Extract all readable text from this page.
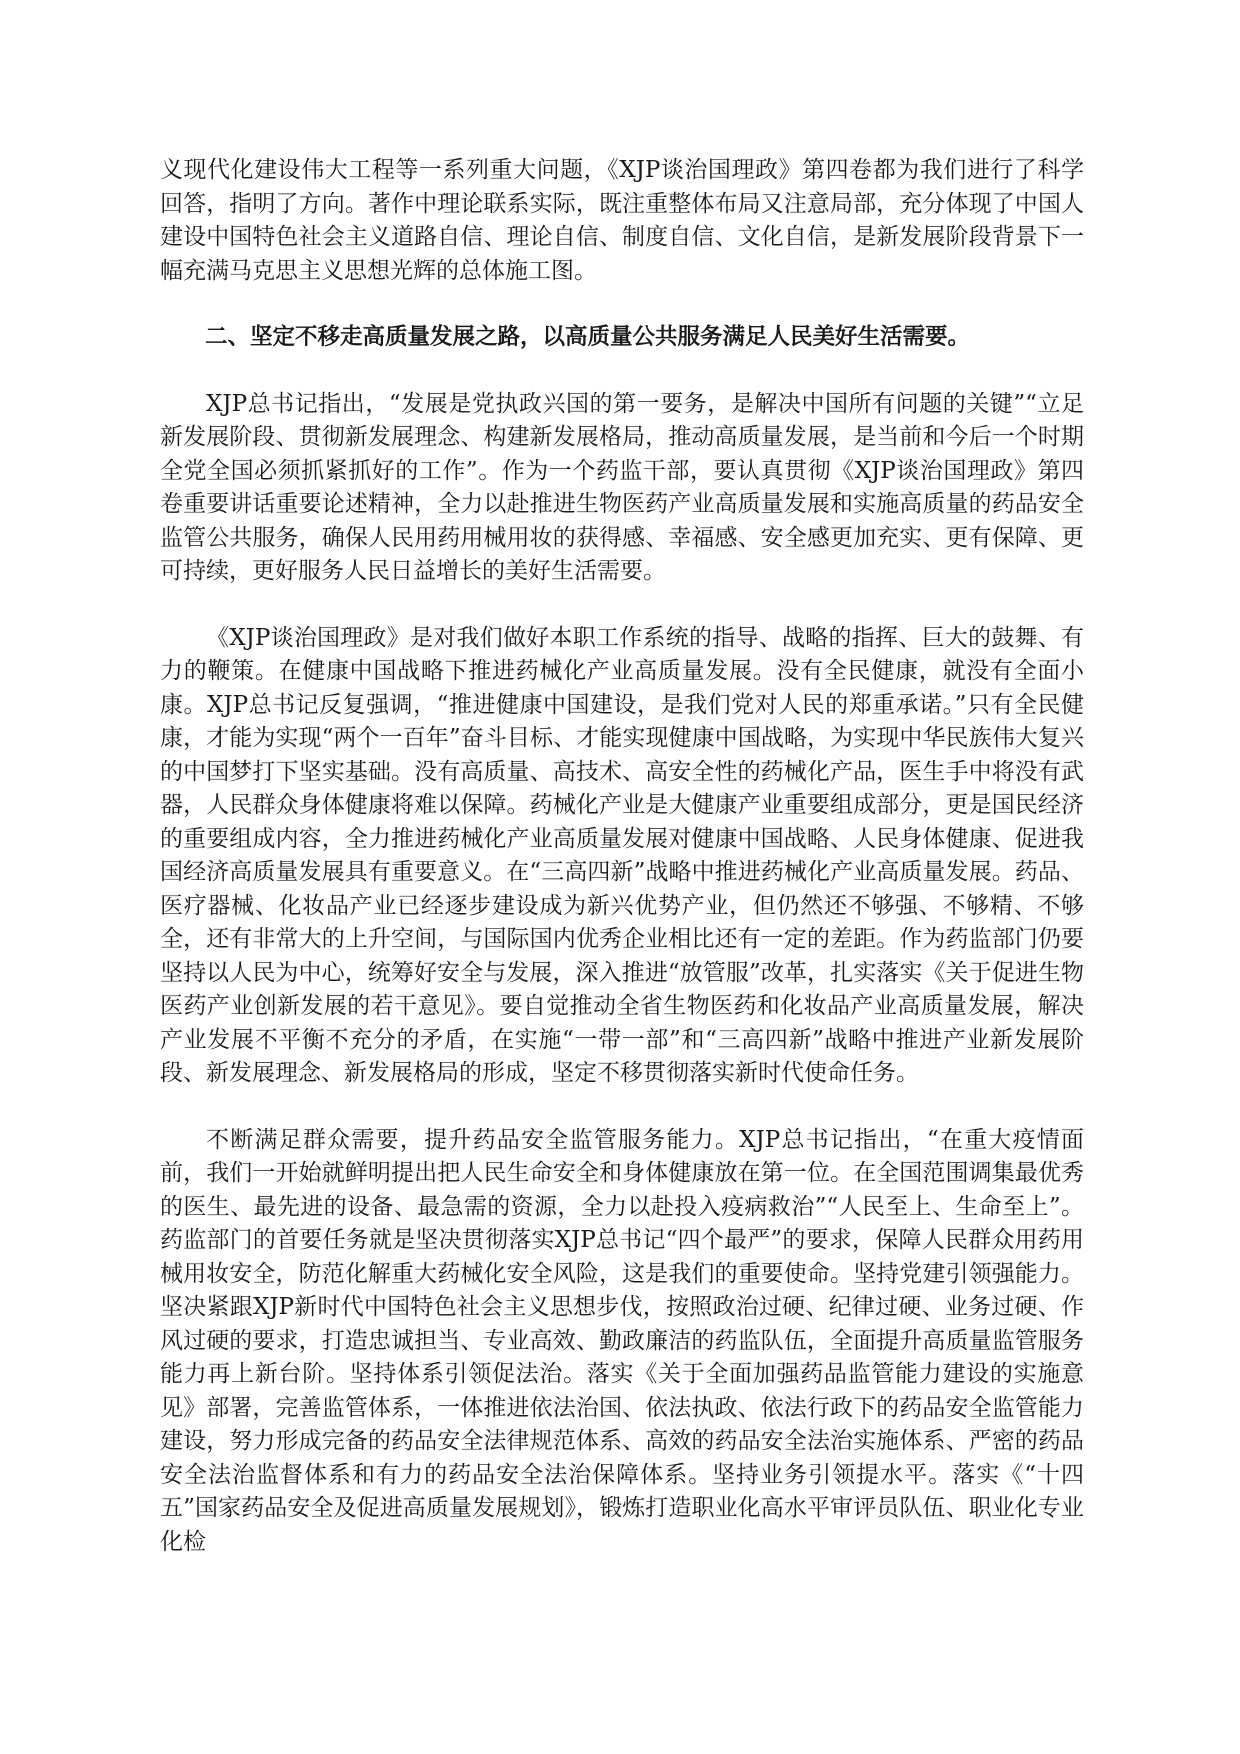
义现代化建设伟大工程等一系列重大问题，《XJP谈治国理政》第四卷都为我们进行了科学回答，指明了方向。著作中理论联系实际，既注重整体布局又注意局部，充分体现了中国人建设中国特色社会主义道路自信、理论自信、制度自信、文化自信，是新发展阶段背景下一幅充满马克思主义思想光辉的总体施工图。

二、坚定不移走高质量发展之路，以高质量公共服务满足人民美好生活需要。

XJP总书记指出，“发展是党执政兴国的第一要务，是解决中国所有问题的关键”“立足新发展阶段、贯彻新发展理念、构建新发展格局，推动高质量发展，是当前和今后一个时期全党全国必须抓紧抓好的工作”。作为一个药监干部，要认真贯彻《XJP谈治国理政》第四卷重要讲话重要论述精神，全力以赴推进生物医药产业高质量发展和实施高质量的药品安全监管公共服务，确保人民用药用械用妆的获得感、幸福感、安全感更加充实、更有保障、更可持续，更好服务人民日益增长的美好生活需要。

《XJP谈治国理政》是对我们做好本职工作系统的指导、战略的指挥、巨大的鼓舞、有力的鞭策。在健康中国战略下推进药械化产业高质量发展。没有全民健康，就没有全面小康。XJP总书记反复强调，“推进健康中国建设，是我们党对人民的郑重承诺。”只有全民健康，才能为实现“两个一百年”奋斗目标、才能实现健康中国战略，为实现中华民族伟大复兴的中国梦打下坚实基础。没有高质量、高技术、高安全性的药械化产品，医生手中将没有武器，人民群众身体健康将难以保障。药械化产业是大健康产业重要组成部分，更是国民经济的重要组成内容，全力推进药械化产业高质量发展对健康中国战略、人民身体健康、促进我国经济高质量发展具有重要意义。在“三高四新”战略中推进药械化产业高质量发展。药品、医疗器械、化妆品产业已经逐步建设成为新兴优势产业，但仍然还不够强、不够精、不够全，还有非常大的上升空间，与国际国内优秀企业相比还有一定的差距。作为药监部门仍要坚持以人民为中心，统筹好安全与发展，深入推进“放管服”改革，扎实落实《关于促进生物医药产业创新发展的若干意见》。要自觉推动全省生物医药和化妆品产业高质量发展，解决产业发展不平衡不充分的矛盾，在实施“一带一部”和“三高四新”战略中推进产业新发展阶段、新发展理念、新发展格局的形成，坚定不移贯彻落实新时代使命任务。

不断满足群众需要，提升药品安全监管服务能力。XJP总书记指出，“在重大疫情面前，我们一开始就鲜明提出把人民生命安全和身体健康放在第一位。在全国范围调集最优秀的医生、最先进的设备、最急需的资源，全力以赴投入疫病救治”“人民至上、生命至上”。药监部门的首要任务就是坚决贯彻落实XJP总书记“四个最严”的要求，保障人民群众用药用械用妆安全，防范化解重大药械化安全风险，这是我们的重要使命。坚持党建引领强能力。坚决紧跟XJP新时代中国特色社会主义思想步伐，按照政治过硬、纪律过硬、业务过硬、作风过硬的要求，打造忠诚担当、专业高效、勤政廉洁的药监队伍，全面提升高质量监管服务能力再上新台阶。坚持体系引领促法治。落实《关于全面加强药品监管能力建设的实施意见》部署，完善监管体系，一体推进依法治国、依法执政、依法行政下的药品安全监管能力建设，努力形成完备的药品安全法律规范体系、高效的药品安全法治实施体系、严密的药品安全法治监督体系和有力的药品安全法治保障体系。坚持业务引领提水平。落实《“十四五”国家药品安全及促进高质量发展规划》，锻炼打造职业化高水平审评员队伍、职业化专业化检
